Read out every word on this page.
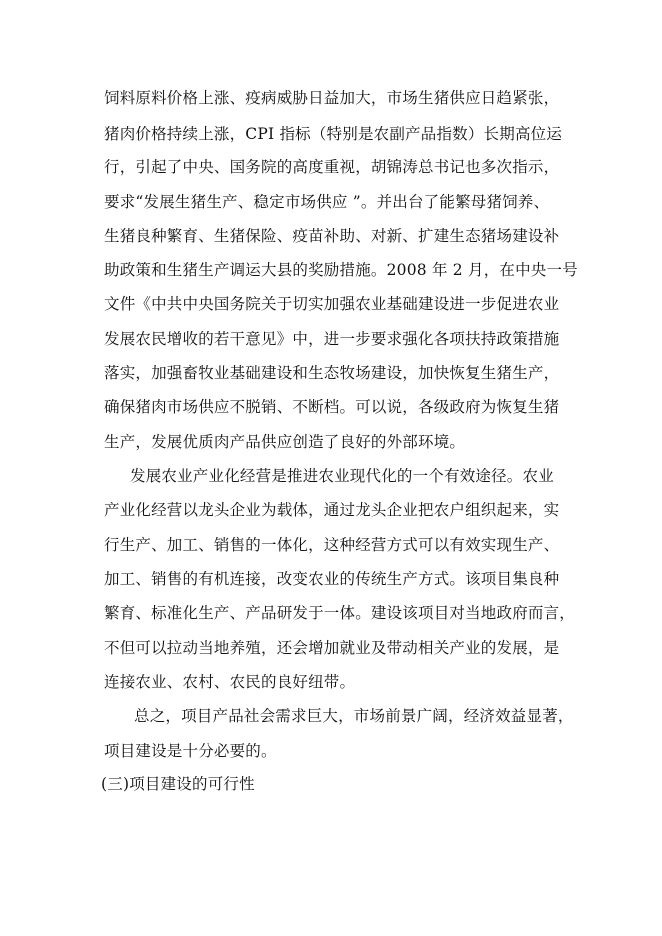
饲料原料价格上涨、疫病威胁日益加大，市场生猪供应日趋紧张，
猪肉价格持续上涨，CPI 指标（特别是农副产品指数）长期高位运
行，引起了中央、国务院的高度重视，胡锦涛总书记也多次指示，
要求“发展生猪生产、稳定市场供应 ”。并出台了能繁母猪饲养、
生猪良种繁育、生猪保险、疫苗补助、对新、扩建生态猪场建设补
助政策和生猪生产调运大县的奖励措施。2008 年 2 月，在中央一号
文件《中共中央国务院关于切实加强农业基础建设进一步促进农业
发展农民增收的若干意见》中，进一步要求强化各项扶持政策措施
落实，加强畜牧业基础建设和生态牧场建设，加快恢复生猪生产，
确保猪肉市场供应不脱销、不断档。可以说，各级政府为恢复生猪
生产，发展优质肉产品供应创造了良好的外部环境。
发展农业产业化经营是推进农业现代化的一个有效途径。农业
产业化经营以龙头企业为载体，通过龙头企业把农户组织起来，实
行生产、加工、销售的一体化，这种经营方式可以有效实现生产、
加工、销售的有机连接，改变农业的传统生产方式。该项目集良种
繁育、标准化生产、产品研发于一体。建设该项目对当地政府而言，
不但可以拉动当地养殖，还会增加就业及带动相关产业的发展，是
连接农业、农村、农民的良好纽带。
总之，项目产品社会需求巨大，市场前景广阔，经济效益显著，
项目建设是十分必要的。
(三)项目建设的可行性
